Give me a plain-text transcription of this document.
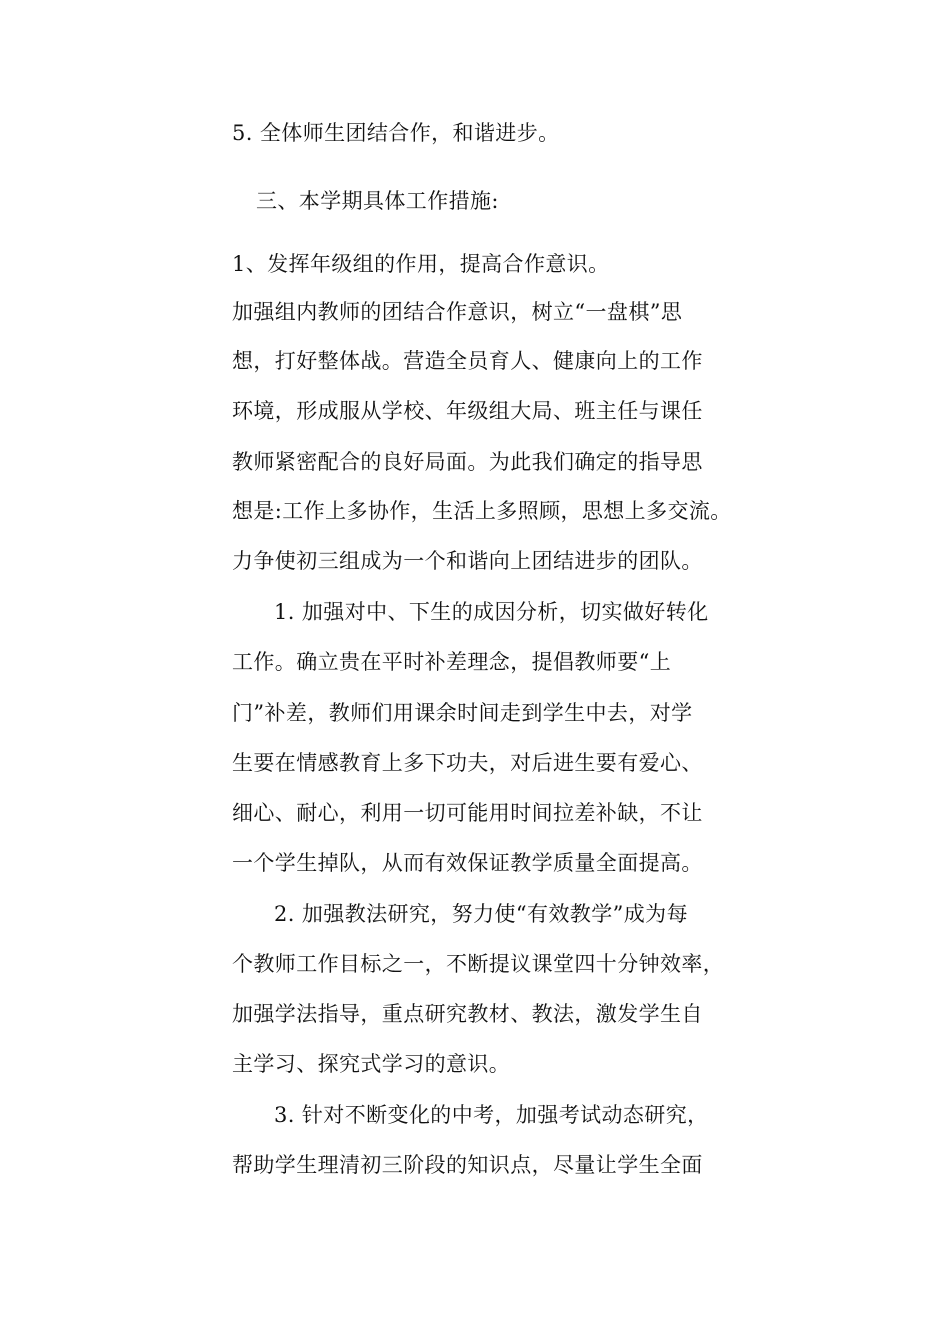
5. 全体师生团结合作，和谐进步。
三、本学期具体工作措施:
1、发挥年级组的作用，提高合作意识。
加强组内教师的团结合作意识，树立“一盘棋”思
想，打好整体战。营造全员育人、健康向上的工作
环境，形成服从学校、年级组大局、班主任与课任
教师紧密配合的良好局面。为此我们确定的指导思
想是:工作上多协作，生活上多照顾，思想上多交流。
力争使初三组成为一个和谐向上团结进步的团队。
1. 加强对中、下生的成因分析，切实做好转化
工作。确立贵在平时补差理念，提倡教师要“上
门”补差，教师们用课余时间走到学生中去，对学
生要在情感教育上多下功夫，对后进生要有爱心、
细心、耐心，利用一切可能用时间拉差补缺，不让
一个学生掉队，从而有效保证教学质量全面提高。
2. 加强教法研究，努力使“有效教学”成为每
个教师工作目标之一，不断提议课堂四十分钟效率，
加强学法指导，重点研究教材、教法，激发学生自
主学习、探究式学习的意识。
3. 针对不断变化的中考，加强考试动态研究，
帮助学生理清初三阶段的知识点，尽量让学生全面
